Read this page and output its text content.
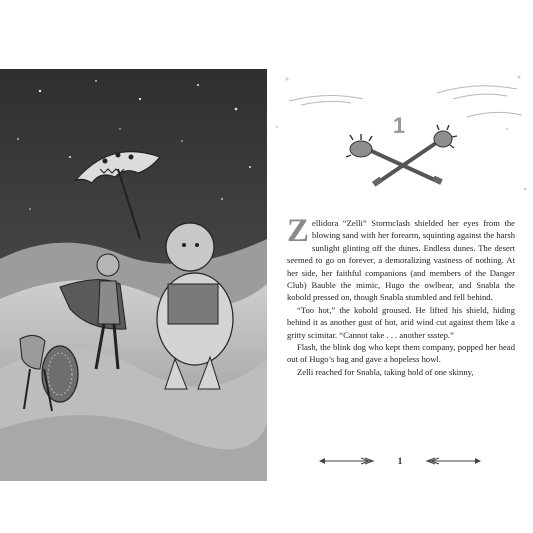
1

Zellidora “Zelli” Stormclash shielded her eyes from the blowing sand with her forearm, squinting against the harsh sunlight glinting off the dunes. Endless dunes. The desert seemed to go on forever, a demoralizing vastness of nothing. At her side, her faithful companions (and members of the Danger Club) Bauble the mimic, Hugo the owlbear, and Snabla the kobold pressed on, though Snabla stumbled and fell behind.

“Too hot,” the kobold groused. He lifted his shield, hiding behind it as another gust of hot, arid wind cut against them like a gritty scimitar. “Cannot take . . . another ssstep.”

Flash, the blink dog who kept them company, popped her head out of Hugo’s bag and gave a hopeless howl.

Zelli reached for Snabla, taking hold of one skinny,

1
